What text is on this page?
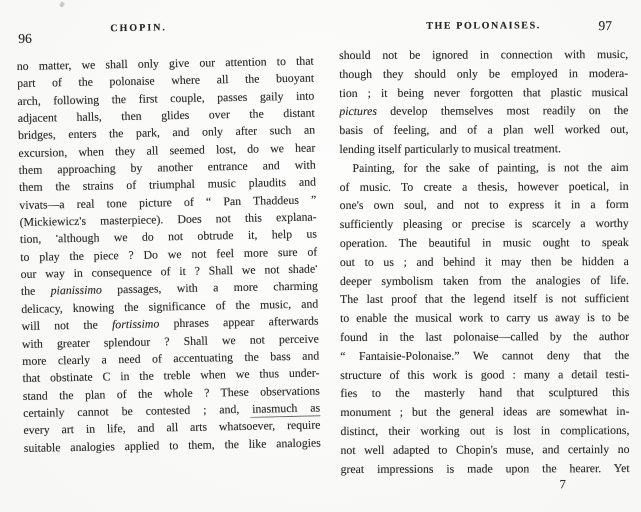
96
CHOPIN.
no matter, we shall only give our attention to that
part of the polonaise where all the buoyant
arch, following the first couple, passes gaily into
adjacent halls, then glides over the distant
bridges, enters the park, and only after such an
excursion, when they all seemed lost, do we hear
them approaching by another entrance and with
them the strains of triumphal music plaudits and
vivats—a real tone picture of “ Pan Thaddeus ”
(Mickiewicz's masterpiece). Does not this explana-
tion, •although we do not obtrude it, help us
to play the piece ? Do we not feel more sure of
our way in consequence of it ? Shall we not shade•
the pianissimo passages, with a more charming
delicacy, knowing the significance of the music, and
will not the fortissimo phrases appear afterwards
with greater splendour ? Shall we not perceive
more clearly a need of accentuating the bass and
that obstinate C in the treble when we thus under-
stand the plan of the whole ? These observations
certainly cannot be contested ; and, inasmuch as
every art in life, and all arts whatsoever, require
suitable analogies applied to them, the like analogies
THE POLONAISES.	97
should not be ignored in connection with music,
though they should only be employed in modera-
tion ; it being never forgotten that plastic musical
pictures develop themselves most readily on the
basis of feeling, and of a plan well worked out,
lending itself particularly to musical treatment.
Painting, for the sake of painting, is not the aim
of music. To create a thesis, however poetical, in
one's own soul, and not to express it in a form
sufficiently pleasing or precise is scarcely a worthy
operation. The beautiful in music ought to speak
out to us ; and behind it may then be hidden a
deeper symbolism taken from the analogies of life.
The last proof that the legend itself is not sufficient
to enable the musical work to carry us away is to be
found in the last polonaise—called by the author
“ Fantaisie-Polonaise.” We cannot deny that the
structure of this work is good : many a detail testi-
fies to the masterly hand that sculptured this
monument ; but the general ideas are somewhat in-
distinct, their working out is lost in complications,
not well adapted to Chopin's muse, and certainly no
great impressions is made upon the hearer. Yet
7
